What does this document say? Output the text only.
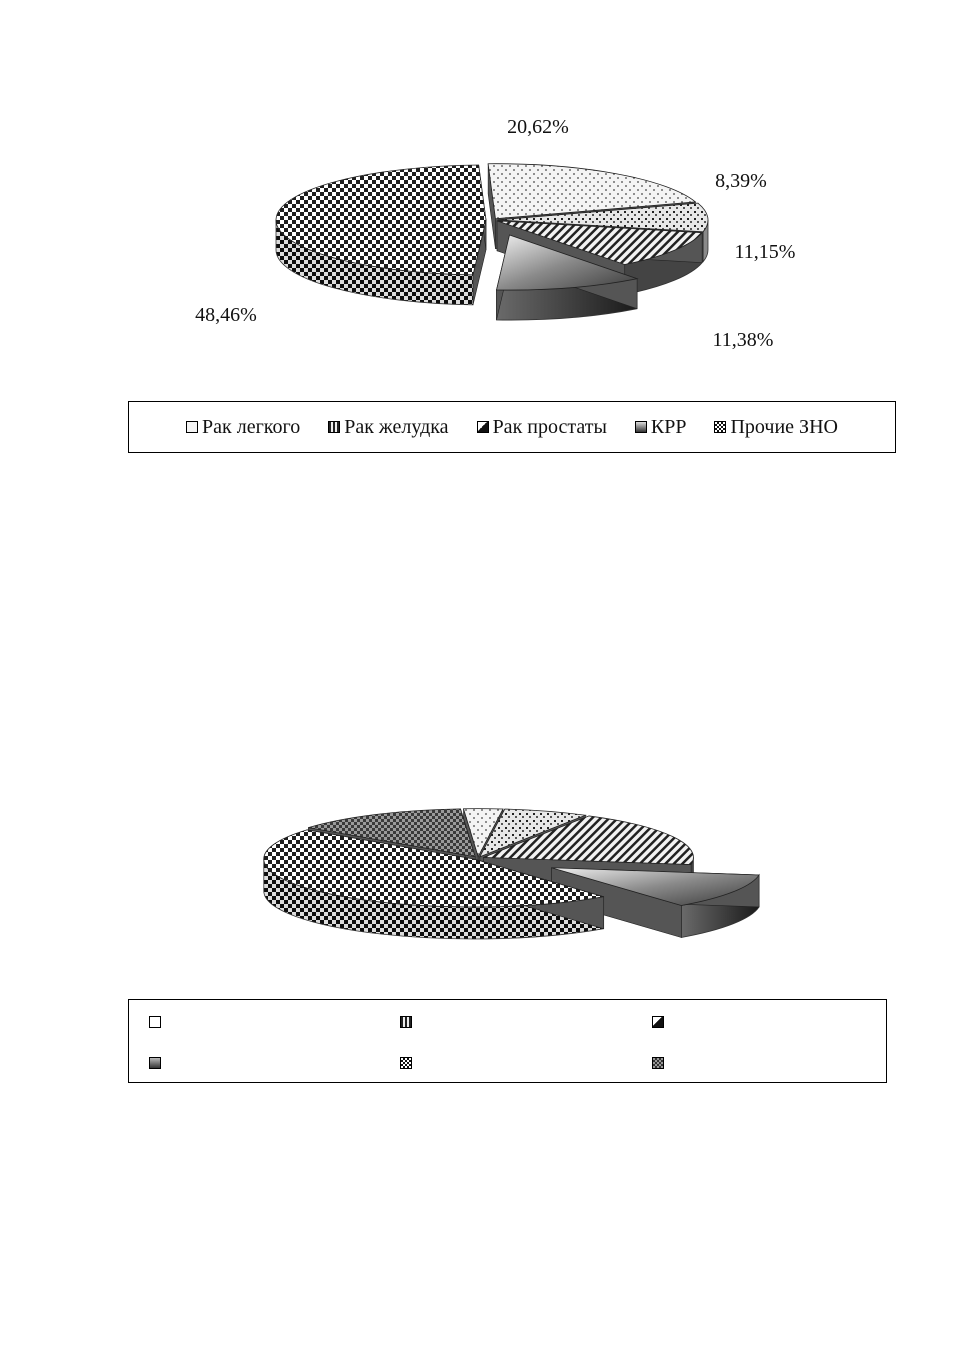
20,62%
8,39%
11,15%
11,38%
48,46%
Рак легкого Рак желудка Рак простаты КРР Прочие ЗНО
